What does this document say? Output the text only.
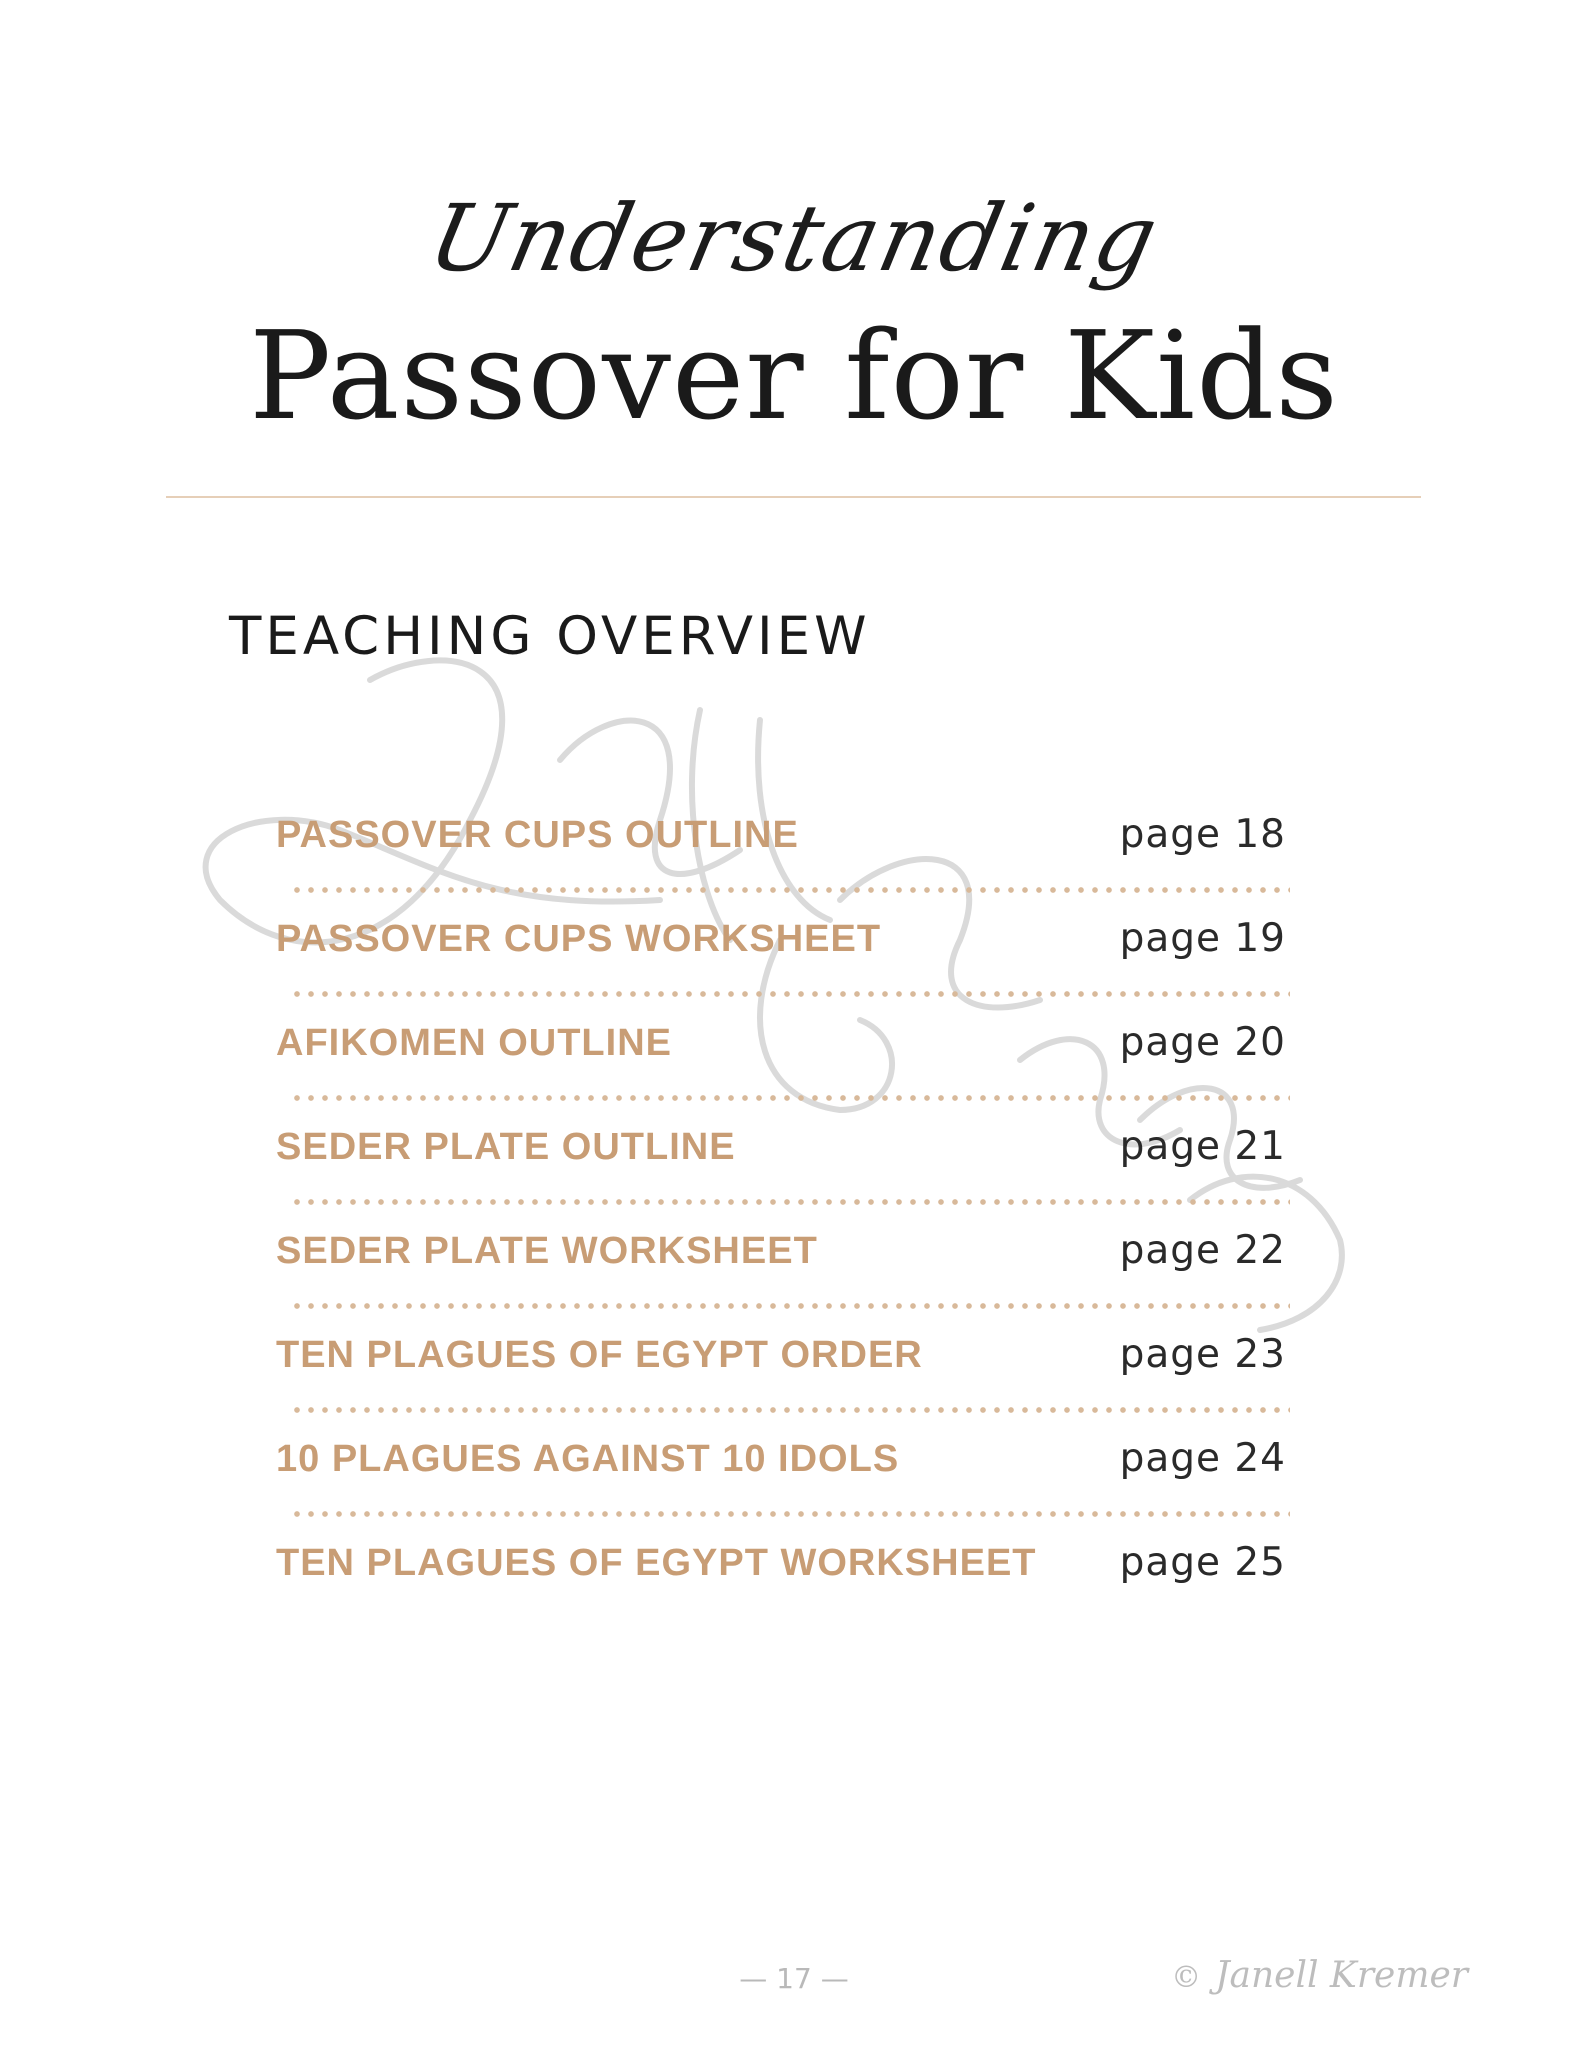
Understanding
Passover for Kids
TEACHING OVERVIEW
PASSOVER CUPS OUTLINE	page 18
PASSOVER CUPS WORKSHEET	page 19
AFIKOMEN OUTLINE	page 20
SEDER PLATE OUTLINE	page 21
SEDER PLATE WORKSHEET	page 22
TEN PLAGUES OF EGYPT ORDER	page 23
10 PLAGUES AGAINST 10 IDOLS	page 24
TEN PLAGUES OF EGYPT WORKSHEET page 25
— 17 —	© Janell Kremer
